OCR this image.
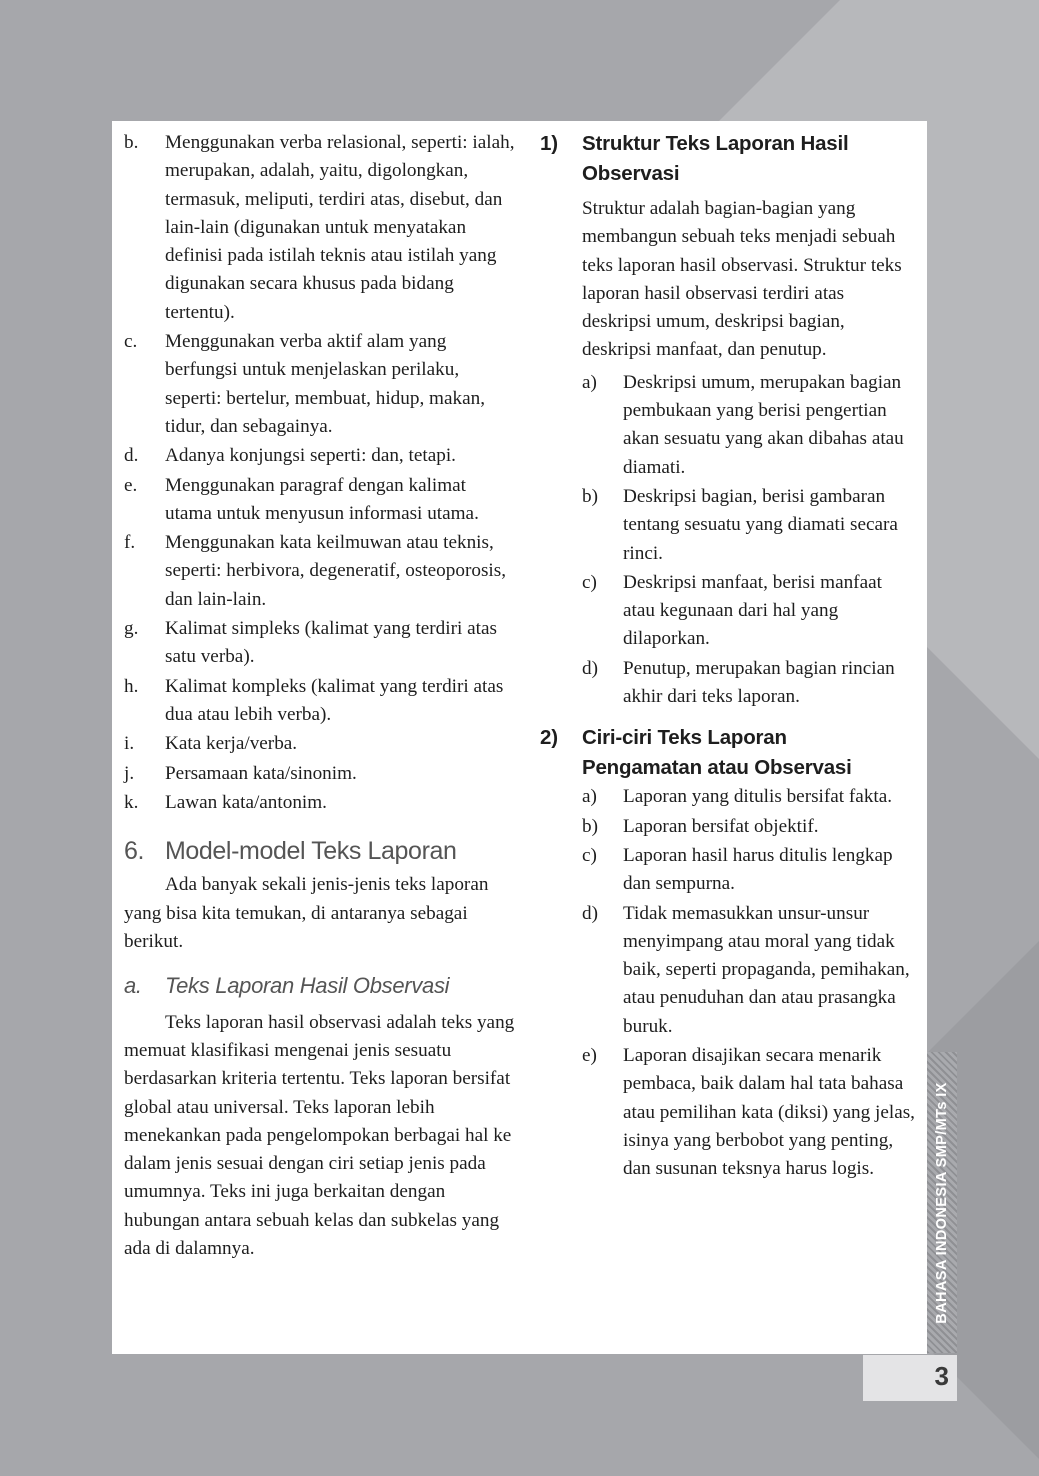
b.	Menggunakan verba relasional, seperti: ialah, merupakan, adalah, yaitu, digolongkan, termasuk, meliputi, terdiri atas, disebut, dan lain-lain (digunakan untuk menyatakan definisi pada istilah teknis atau istilah yang digunakan secara khusus pada bidang tertentu).
c.	Menggunakan verba aktif alam yang berfungsi untuk menjelaskan perilaku, seperti: bertelur, membuat, hidup, makan, tidur, dan sebagainya.
d.	Adanya konjungsi seperti: dan, tetapi.
e.	Menggunakan paragraf dengan kalimat utama untuk menyusun informasi utama.
f.	Menggunakan kata keilmuwan atau teknis, seperti: herbivora, degeneratif, osteoporosis, dan lain-lain.
g.	Kalimat simpleks (kalimat yang terdiri atas satu verba).
h.	Kalimat kompleks (kalimat yang terdiri atas dua atau lebih verba).
i.	Kata kerja/verba.
j.	Persamaan kata/sinonim.
k.	Lawan kata/antonim.
6. Model-model Teks Laporan

Ada banyak sekali jenis-jenis teks laporan yang bisa kita temukan, di antaranya sebagai berikut.

a.	Teks Laporan Hasil Observasi

Teks laporan hasil observasi adalah teks yang memuat klasifikasi mengenai jenis sesuatu berdasarkan kriteria tertentu. Teks laporan bersifat global atau universal. Teks laporan lebih menekankan pada pengelompokan berbagai hal ke dalam jenis sesuai dengan ciri setiap jenis pada umumnya. Teks ini juga berkaitan dengan hubungan antara sebuah kelas dan subkelas yang ada di dalamnya.

1)	Struktur Teks Laporan Hasil
Observasi

Struktur adalah bagian-bagian yang membangun sebuah teks menjadi sebuah teks laporan hasil observasi. Struktur teks laporan hasil observasi terdiri atas deskripsi umum, deskripsi bagian, deskripsi manfaat, dan penutup.

a)	Deskripsi umum, merupakan bagian pembukaan yang berisi pengertian akan sesuatu yang akan dibahas atau diamati.
b)	Deskripsi bagian, berisi gambaran tentang sesuatu yang diamati secara rinci.
c)	Deskripsi manfaat, berisi manfaat atau kegunaan dari hal yang dilaporkan.
d)	Penutup, merupakan bagian rincian akhir dari teks laporan.
2)	Ciri-ciri Teks Laporan
Pengamatan atau Observasi
a)	Laporan yang ditulis bersifat fakta.
b)	Laporan bersifat objektif.
c)	Laporan hasil harus ditulis lengkap dan sempurna.
d)	Tidak memasukkan unsur-unsur menyimpang atau moral yang tidak baik, seperti propaganda, pemihakan, atau penuduhan dan atau prasangka buruk.
e)	Laporan disajikan secara menarik pembaca, baik dalam hal tata bahasa atau pemilihan kata (diksi) yang jelas, isinya yang berbobot yang penting, dan susunan teksnya harus logis.	BAHASA INDONESIA SMP/MTs IX
3
